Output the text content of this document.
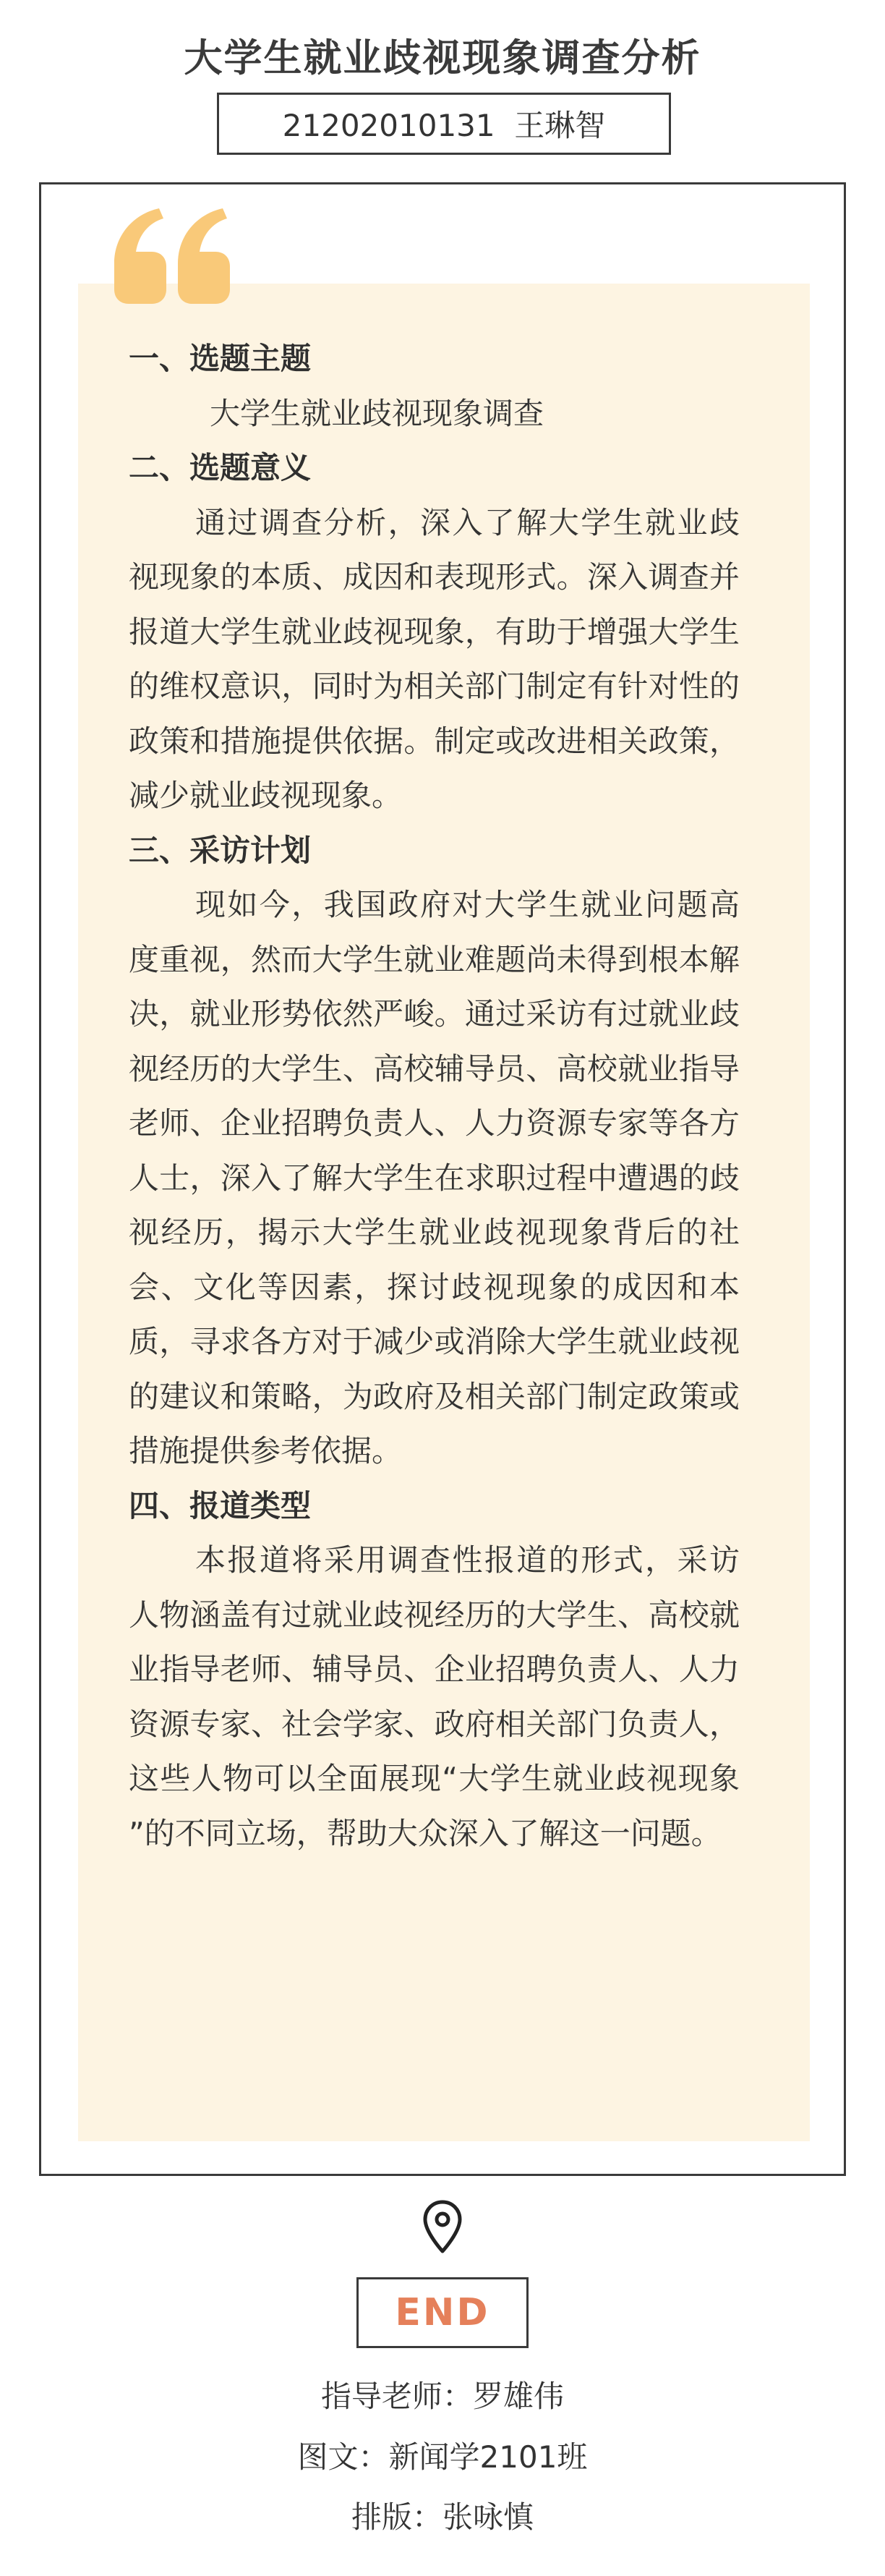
大学生就业歧视现象调查分析
21202010131  王琳智

一、选题主题

大学生就业歧视现象调查

二、选题意义

通过调查分析，深入了解大学生就业歧视现象的本质、成因和表现形式。深入调查并报道大学生就业歧视现象，有助于增强大学生的维权意识，同时为相关部门制定有针对性的政策和措施提供依据。制定或改进相关政策，减少就业歧视现象。

三、采访计划

现如今，我国政府对大学生就业问题高度重视，然而大学生就业难题尚未得到根本解决，就业形势依然严峻。通过采访有过就业歧视经历的大学生、高校辅导员、高校就业指导老师、企业招聘负责人、人力资源专家等各方人士，深入了解大学生在求职过程中遭遇的歧视经历，揭示大学生就业歧视现象背后的社会、文化等因素，探讨歧视现象的成因和本质，寻求各方对于减少或消除大学生就业歧视的建议和策略，为政府及相关部门制定政策或措施提供参考依据。

四、报道类型

本报道将采用调查性报道的形式，采访人物涵盖有过就业歧视经历的大学生、高校就业指导老师、辅导员、企业招聘负责人、人力资源专家、社会学家、政府相关部门负责人，这些人物可以全面展现“大学生就业歧视现象 ”的不同立场，帮助大众深入了解这一问题。

END
指导老师：罗雄伟
图文：新闻学2101班
排版：张咏慎
